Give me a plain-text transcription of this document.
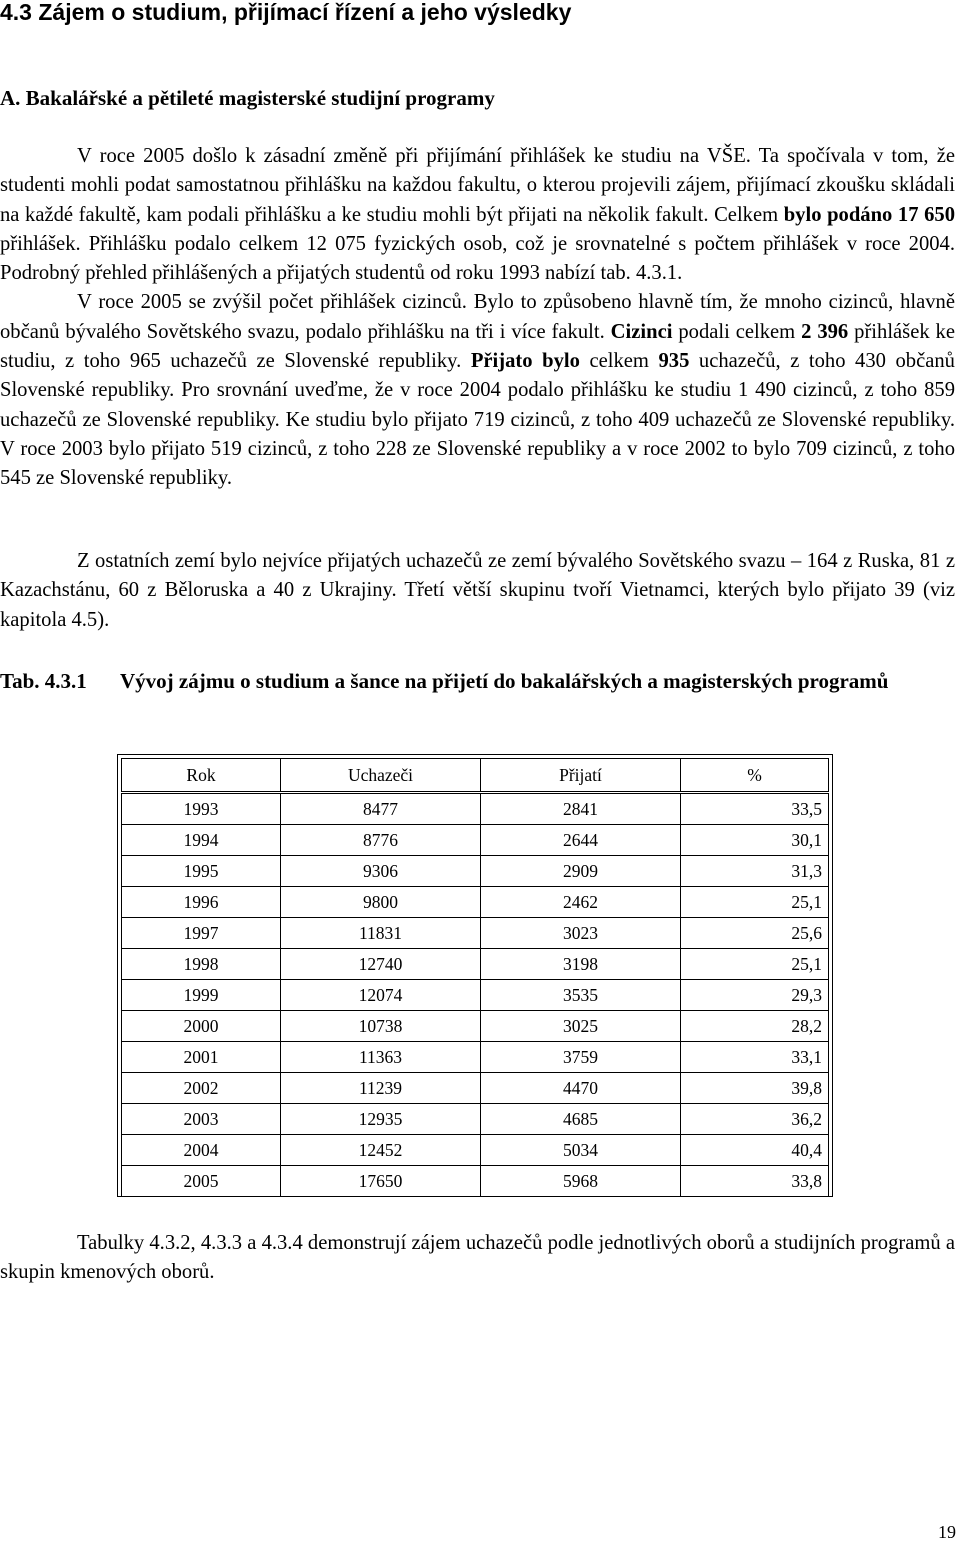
4.3 Zájem o studium, přijímací řízení a jeho výsledky
A. Bakalářské a pětileté magisterské studijní programy

V roce 2005 došlo k zásadní změně při přijímání přihlášek ke studiu na VŠE. Ta spočívala v tom, že studenti mohli podat samostatnou přihlášku na každou fakultu, o kterou projevili zájem, přijímací zkoušku skládali na každé fakultě, kam podali přihlášku a ke studiu mohli být přijati na několik fakult. Celkem bylo podáno 17 650 přihlášek. Přihlášku podalo celkem 12 075 fyzických osob, což je srovnatelné s počtem přihlášek v roce 2004. Podrobný přehled přihlášených a přijatých studentů od roku 1993 nabízí tab. 4.3.1.

V roce 2005 se zvýšil počet přihlášek cizinců. Bylo to způsobeno hlavně tím, že mnoho cizinců, hlavně občanů bývalého Sovětského svazu, podalo přihlášku na tři i více fakult. Cizinci podali celkem 2 396 přihlášek ke studiu, z toho 965 uchazečů ze Slovenské republiky. Přijato bylo celkem 935 uchazečů, z toho 430 občanů Slovenské republiky. Pro srovnání uveďme, že v roce 2004 podalo přihlášku ke studiu 1 490 cizinců, z toho 859 uchazečů ze Slovenské republiky. Ke studiu bylo přijato 719 cizinců, z toho 409 uchazečů ze Slovenské republiky. V roce 2003 bylo přijato 519 cizinců, z toho 228 ze Slovenské republiky a v roce 2002 to bylo 709 cizinců, z toho 545 ze Slovenské republiky.

Z ostatních zemí bylo nejvíce přijatých uchazečů ze zemí bývalého Sovětského svazu – 164 z Ruska, 81 z Kazachstánu, 60 z Běloruska a 40 z Ukrajiny. Třetí větší skupinu tvoří Vietnamci, kterých bylo přijato 39 (viz kapitola 4.5).

Tab. 4.3.1 Vývoj zájmu o studium a šance na přijetí do bakalářských a magisterských programů
Rok	Uchazeči	Přijatí	%
1993	8477	2841	33,5
1994	8776	2644	30,1
1995	9306	2909	31,3
1996	9800	2462	25,1
1997	11831	3023	25,6
1998	12740	3198	25,1
1999	12074	3535	29,3
2000	10738	3025	28,2
2001	11363	3759	33,1
2002	11239	4470	39,8
2003	12935	4685	36,2
2004	12452	5034	40,4
2005	17650	5968	33,8

Tabulky 4.3.2, 4.3.3 a 4.3.4 demonstrují zájem uchazečů podle jednotlivých oborů a studijních programů a skupin kmenových oborů.

19
